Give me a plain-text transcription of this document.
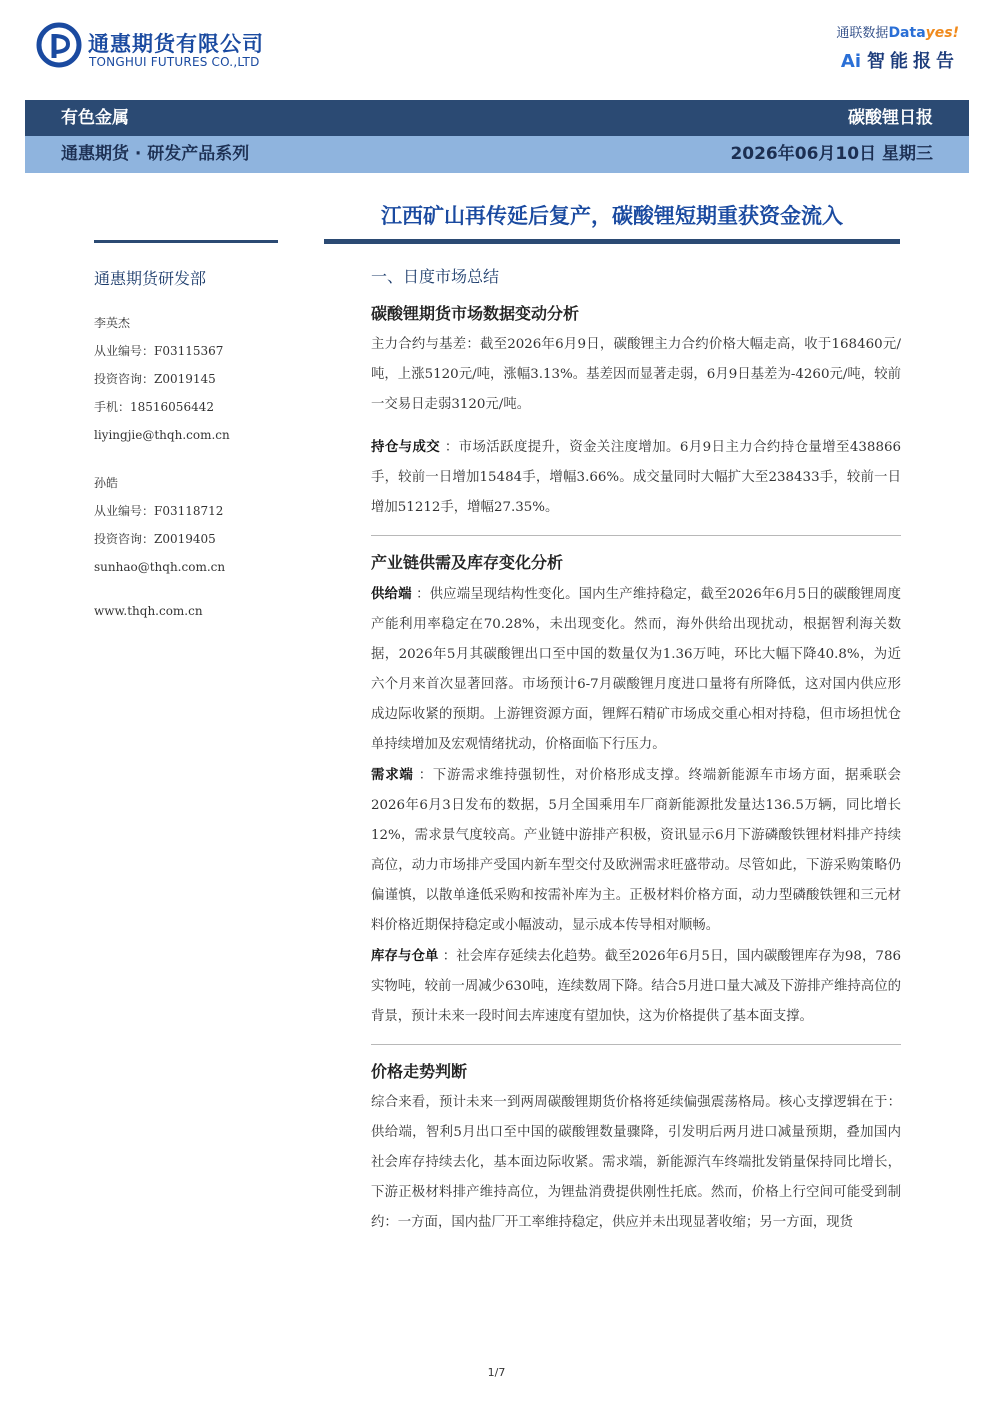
通惠期货有限公司
TONGHUI FUTURES CO.,LTD
通联数据Datayes!
Ai 智能报告
有色金属	碳酸锂日报
通惠期货 · 研发产品系列	2026年06月10日 星期三
江西矿山再传延后复产，碳酸锂短期重获资金流入
通惠期货研发部
李英杰
从业编号：F03115367
投资咨询：Z0019145
手机：18516056442
liyingjie@thqh.com.cn
孙皓
从业编号：F03118712
投资咨询：Z0019405
sunhao@thqh.com.cn
www.thqh.com.cn
一、日度市场总结
碳酸锂期货市场数据变动分析

主力合约与基差：截至2026年6月9日，碳酸锂主力合约价格大幅走高，收于168460元/吨，上涨5120元/吨，涨幅3.13%。基差因而显著走弱，6月9日基差为-4260元/吨，较前一交易日走弱3120元/吨。

持仓与成交 ：市场活跃度提升，资金关注度增加。6月9日主力合约持仓量增至438866手，较前一日增加15484手，增幅3.66%。成交量同时大幅扩大至238433手，较前一日增加51212手，增幅27.35%。

产业链供需及库存变化分析

供给端 ：供应端呈现结构性变化。国内生产维持稳定，截至2026年6月5日的碳酸锂周度产能利用率稳定在70.28%，未出现变化。然而，海外供给出现扰动，根据智利海关数据，2026年5月其碳酸锂出口至中国的数量仅为1.36万吨，环比大幅下降40.8%，为近六个月来首次显著回落。市场预计6-7月碳酸锂月度进口量将有所降低，这对国内供应形成边际收紧的预期。上游锂资源方面，锂辉石精矿市场成交重心相对持稳，但市场担忧仓单持续增加及宏观情绪扰动，价格面临下行压力。

需求端 ：下游需求维持强韧性，对价格形成支撑。终端新能源车市场方面，据乘联会2026年6月3日发布的数据，5月全国乘用车厂商新能源批发量达136.5万辆，同比增长12%，需求景气度较高。产业链中游排产积极，资讯显示6月下游磷酸铁锂材料排产持续高位，动力市场排产受国内新车型交付及欧洲需求旺盛带动。尽管如此，下游采购策略仍偏谨慎，以散单逢低采购和按需补库为主。正极材料价格方面，动力型磷酸铁锂和三元材料价格近期保持稳定或小幅波动，显示成本传导相对顺畅。

库存与仓单 ：社会库存延续去化趋势。截至2026年6月5日，国内碳酸锂库存为98，786实物吨，较前一周减少630吨，连续数周下降。结合5月进口量大减及下游排产维持高位的背景，预计未来一段时间去库速度有望加快，这为价格提供了基本面支撑。

价格走势判断

综合来看，预计未来一到两周碳酸锂期货价格将延续偏强震荡格局。核心支撑逻辑在于：供给端，智利5月出口至中国的碳酸锂数量骤降，引发明后两月进口减量预期，叠加国内社会库存持续去化，基本面边际收紧。需求端，新能源汽车终端批发销量保持同比增长，下游正极材料排产维持高位，为锂盐消费提供刚性托底。然而，价格上行空间可能受到制约：一方面，国内盐厂开工率维持稳定，供应并未出现显著收缩；另一方面，现货

1/7
